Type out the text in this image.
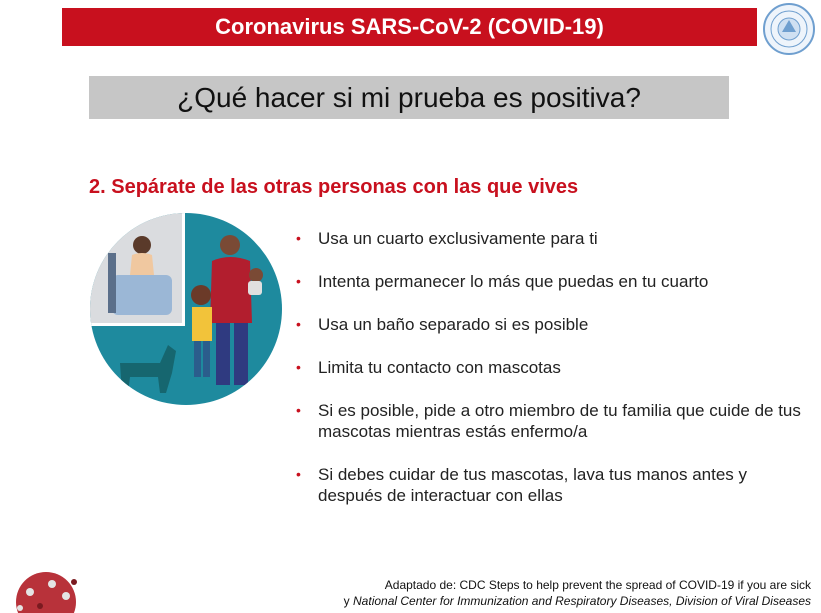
Coronavirus SARS-CoV-2 (COVID-19)
¿Qué hacer si mi prueba es positiva?
2. Sepárate de las otras personas con las que vives
• Usa un cuarto exclusivamente para ti
• Intenta permanecer lo más que puedas en tu cuarto
• Usa un baño separado si es posible
• Limita tu contacto con mascotas
• Si es posible, pide a otro miembro de tu familia que cuide de tus mascotas mientras estás enfermo/a
• Si debes cuidar de tus mascotas, lava tus manos antes y después de interactuar con ellas
Adaptado de: CDC Steps to help prevent the spread of COVID-19 if you are sick
y National Center for Immunization and Respiratory Diseases, Division of Viral Diseases
